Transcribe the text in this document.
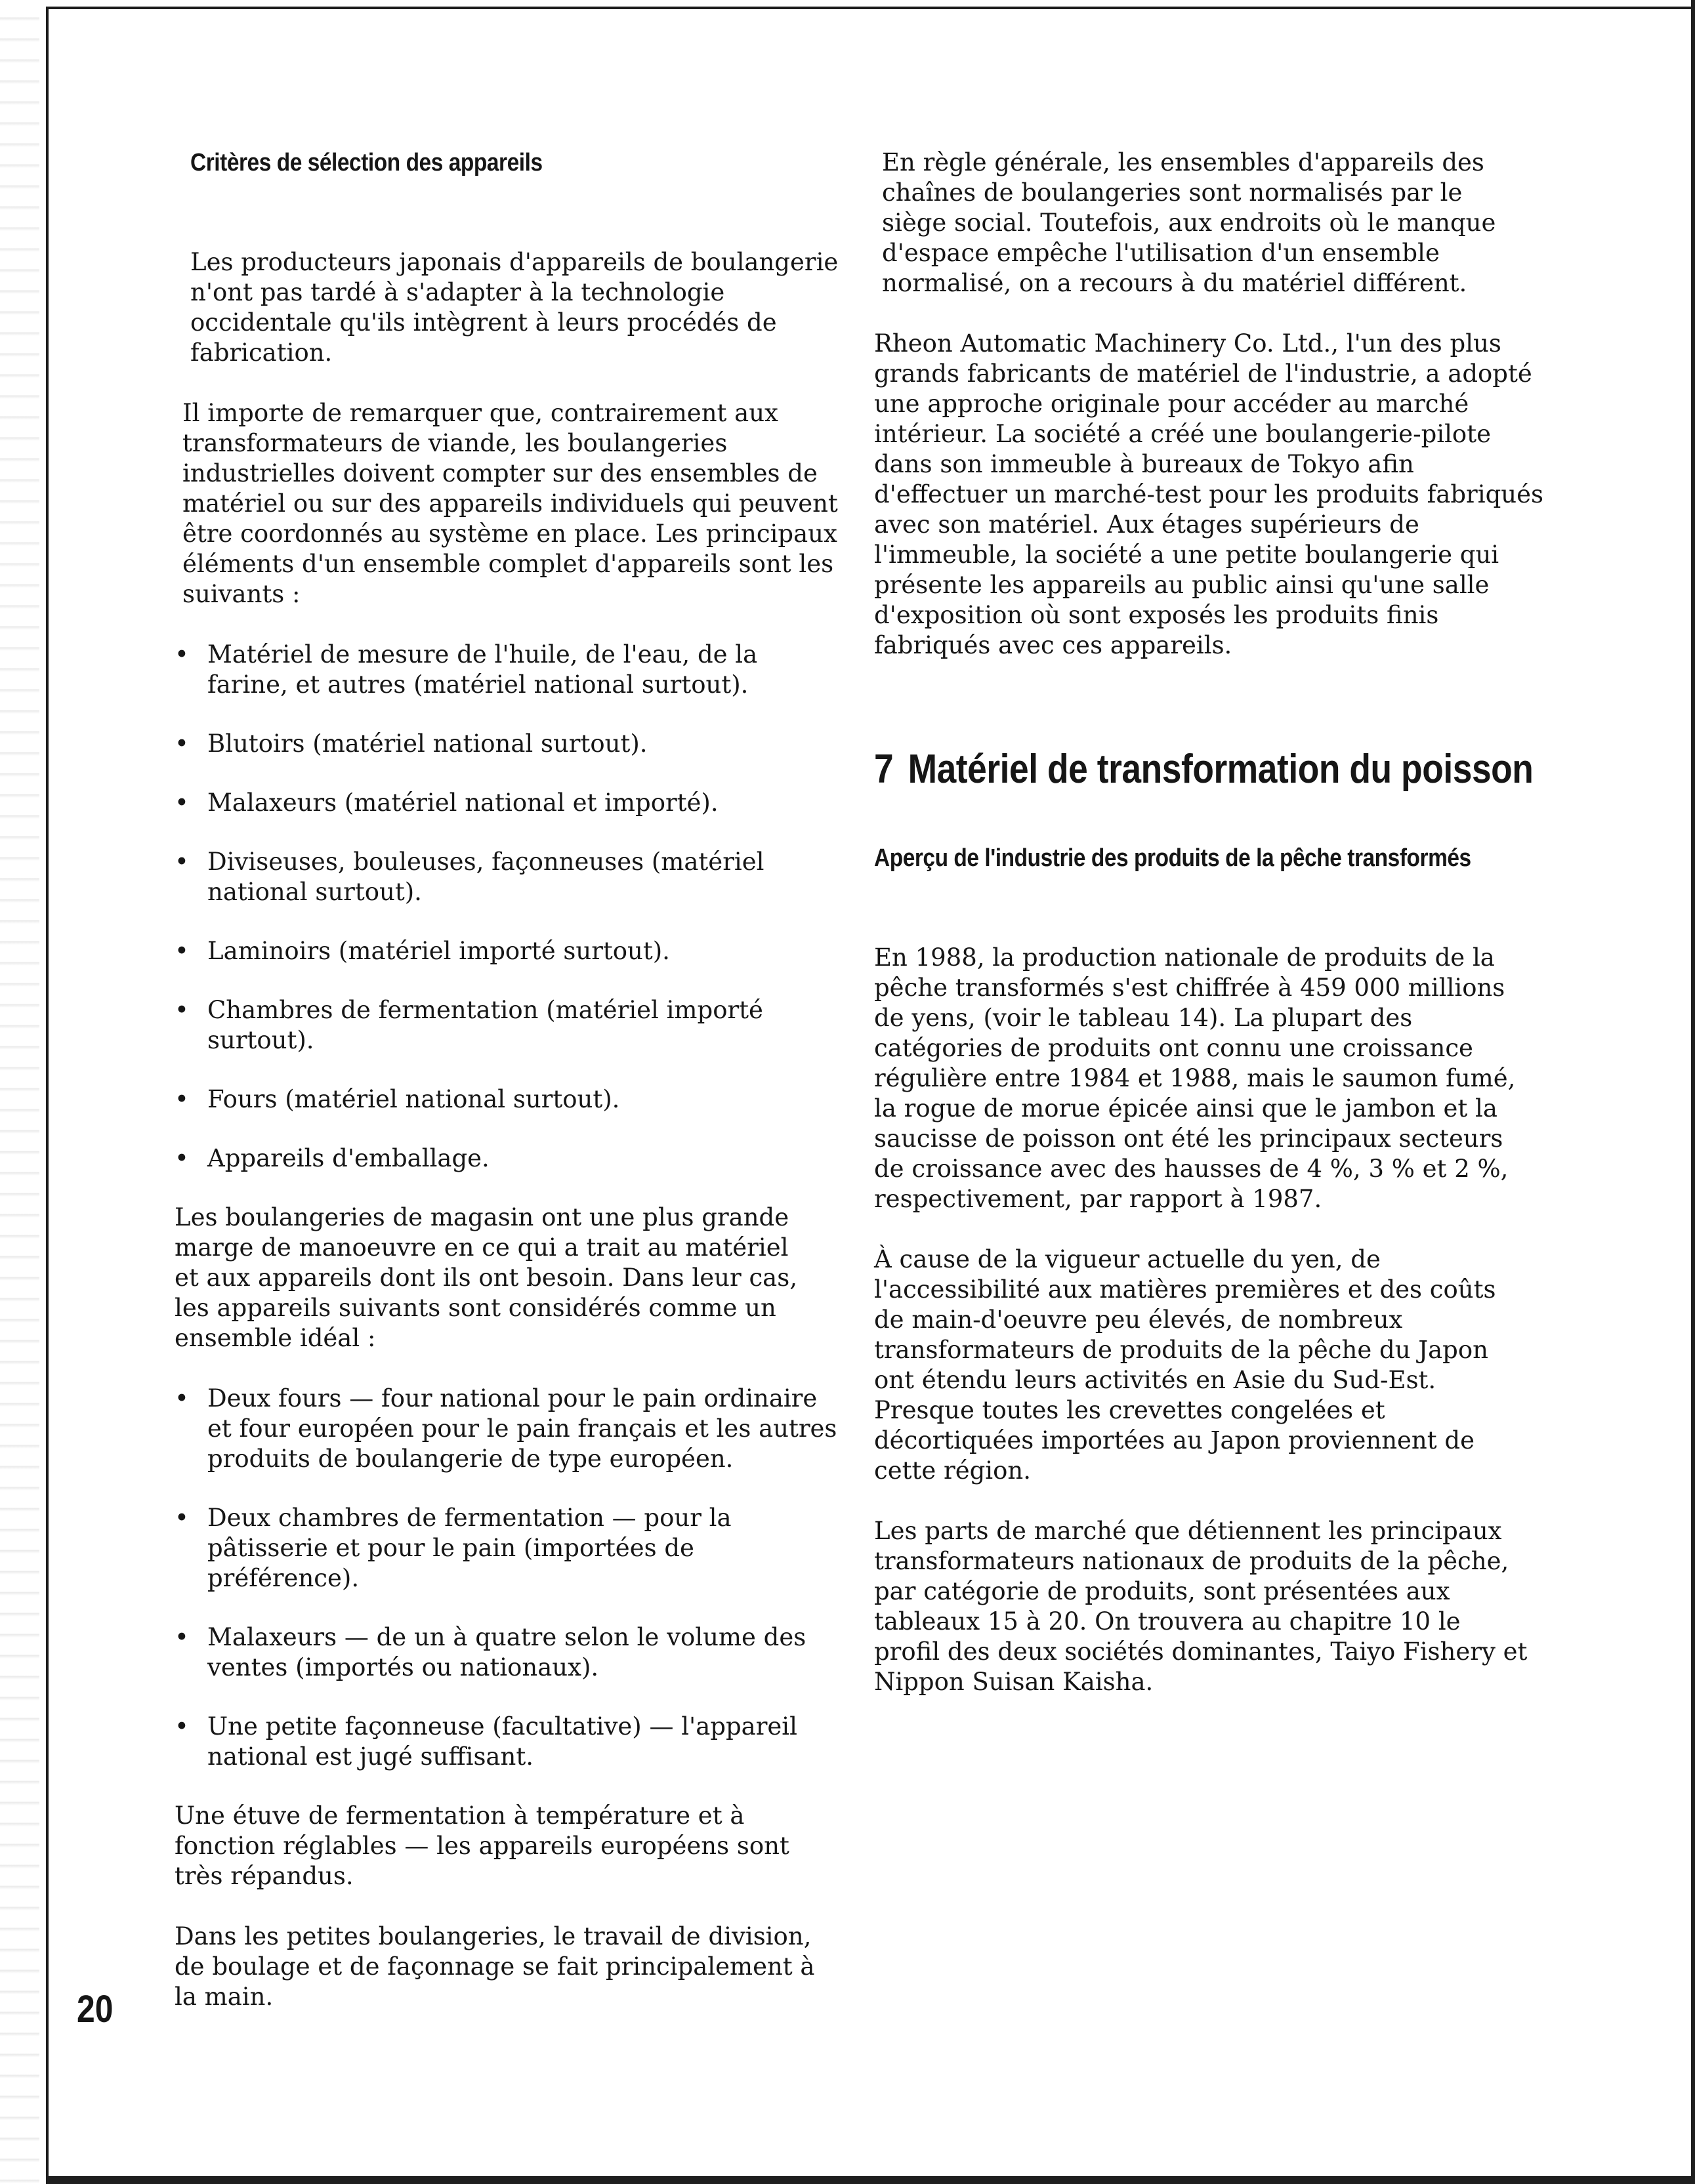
Critères de sélection des appareils

Les producteurs japonais d'appareils de boulangerie n'ont pas tardé à s'adapter à la technologie occidentale qu'ils intègrent à leurs procédés de fabrication.

Il importe de remarquer que, contrairement aux transformateurs de viande, les boulangeries industrielles doivent compter sur des ensembles de matériel ou sur des appareils individuels qui peuvent être coordonnés au système en place. Les principaux éléments d'un ensemble complet d'appareils sont les suivants :

• Matériel de mesure de l'huile, de l'eau, de la farine, et autres (matériel national surtout).
• Blutoirs (matériel national surtout).
• Malaxeurs (matériel national et importé).
• Diviseuses, bouleuses, façonneuses (matériel national surtout).
• Laminoirs (matériel importé surtout).
• Chambres de fermentation (matériel importé surtout).
• Fours (matériel national surtout).
• Appareils d'emballage.

Les boulangeries de magasin ont une plus grande marge de manoeuvre en ce qui a trait au matériel et aux appareils dont ils ont besoin. Dans leur cas, les appareils suivants sont considérés comme un ensemble idéal :

• Deux fours — four national pour le pain ordinaire et four européen pour le pain français et les autres produits de boulangerie de type européen.
• Deux chambres de fermentation — pour la pâtisserie et pour le pain (importées de préférence).
• Malaxeurs — de un à quatre selon le volume des ventes (importés ou nationaux).
• Une petite façonneuse (facultative) — l'appareil national est jugé suffisant.

Une étuve de fermentation à température et à fonction réglables — les appareils européens sont très répandus.

Dans les petites boulangeries, le travail de division, de boulage et de façonnage se fait principalement à la main.

En règle générale, les ensembles d'appareils des chaînes de boulangeries sont normalisés par le siège social. Toutefois, aux endroits où le manque d'espace empêche l'utilisation d'un ensemble normalisé, on a recours à du matériel différent.

Rheon Automatic Machinery Co. Ltd., l'un des plus grands fabricants de matériel de l'industrie, a adopté une approche originale pour accéder au marché intérieur. La société a créé une boulangerie-pilote dans son immeuble à bureaux de Tokyo afin d'effectuer un marché-test pour les produits fabriqués avec son matériel. Aux étages supérieurs de l'immeuble, la société a une petite boulangerie qui présente les appareils au public ainsi qu'une salle d'exposition où sont exposés les produits finis fabriqués avec ces appareils.

7 Matériel de transformation du poisson
Aperçu de l'industrie des produits de la pêche transformés

En 1988, la production nationale de produits de la pêche transformés s'est chiffrée à 459 000 millions de yens, (voir le tableau 14). La plupart des catégories de produits ont connu une croissance régulière entre 1984 et 1988, mais le saumon fumé, la rogue de morue épicée ainsi que le jambon et la saucisse de poisson ont été les principaux secteurs de croissance avec des hausses de 4 %, 3 % et 2 %, respectivement, par rapport à 1987.

À cause de la vigueur actuelle du yen, de l'accessibilité aux matières premières et des coûts de main-d'oeuvre peu élevés, de nombreux transformateurs de produits de la pêche du Japon ont étendu leurs activités en Asie du Sud-Est. Presque toutes les crevettes congelées et décortiquées importées au Japon proviennent de cette région.

Les parts de marché que détiennent les principaux transformateurs nationaux de produits de la pêche, par catégorie de produits, sont présentées aux tableaux 15 à 20. On trouvera au chapitre 10 le profil des deux sociétés dominantes, Taiyo Fishery et Nippon Suisan Kaisha.

20
